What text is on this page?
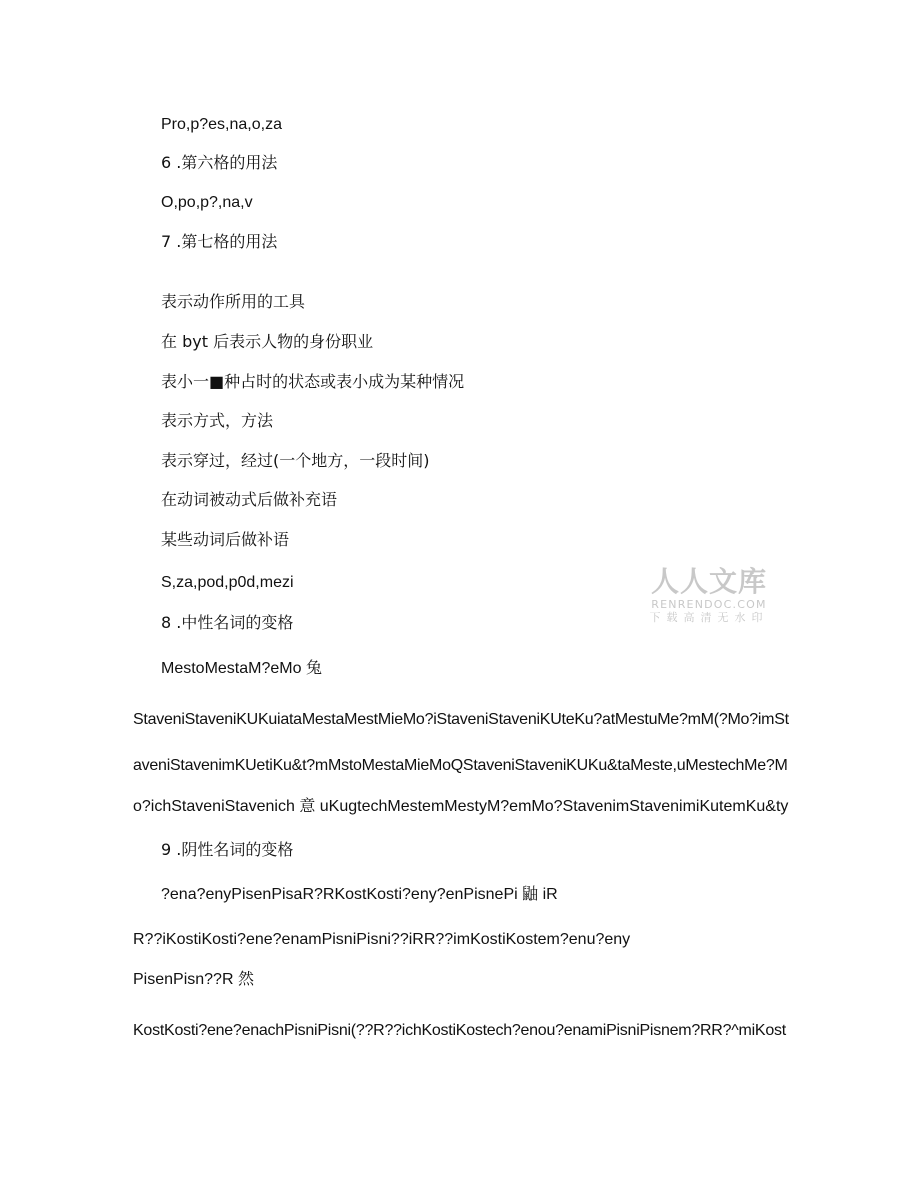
Pro,p?es,na,o,za

6 .第六格的用法

O,po,p?,na,v

7 .第七格的用法

表示动作所用的工具

在 byt 后表示人物的身份职业

表小一■种占时的状态或表小成为某种情况

表示方式，方法

表示穿过，经过(一个地方，一段时间)

在动词被动式后做补充语

某些动词后做补语

S,za,pod,p0d,mezi

8 .中性名词的变格

MestoMestaM?eMo 兔

StaveniStaveniKUKuiataMestaMestMieMo?iStaveniStaveniKUteKu?atMestuMe?mM(?Mo?imSt

aveniStavenimKUetiKu&t?mMstoMestaMieMoQStaveniStaveniKUKu&taMeste,uMestechMe?M

o?ichStaveniStavenich 意 uKugtechMestemMestyM?emMo?StavenimStavenimiKutemKu&ty

9 .阴性名词的变格

?ena?enyPisenPisaR?RKostKosti?eny?enPisnePi 鼬 iR

R??iKostiKosti?ene?enamPisniPisni??iRR??imKostiKostem?enu?eny

PisenPisn??R 然

KostKosti?ene?enachPisniPisni(??R??ichKostiKostech?enou?enamiPisniPisnem?RR?^miKost

人人文库
RENRENDOC.COM
下载高清无水印
